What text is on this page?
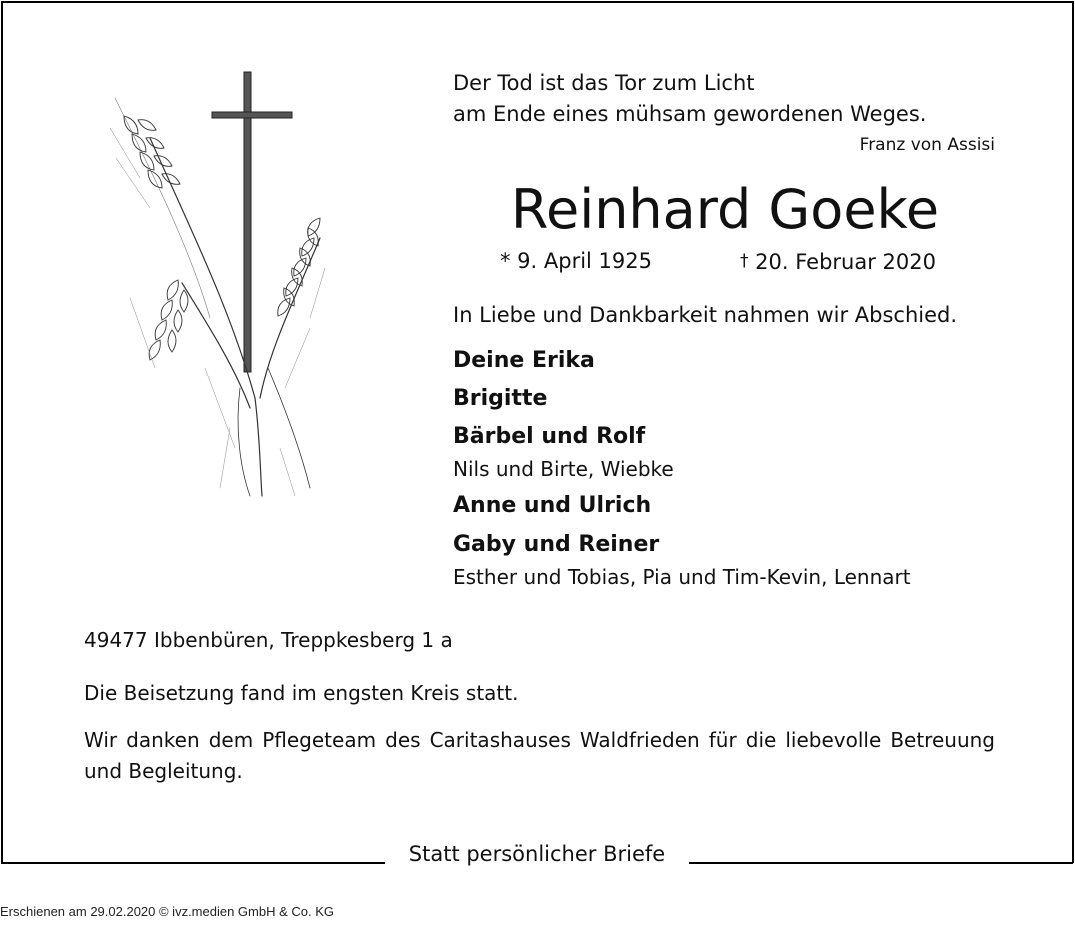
Statt persönlicher Briefe
Der Tod ist das Tor zum Licht
am Ende eines mühsam gewordenen Weges.
Franz von Assisi
Reinhard Goeke
* 9. April 1925	† 20. Februar 2020
In Liebe und Dankbarkeit nahmen wir Abschied.
Deine Erika
Brigitte
Bärbel und Rolf
Nils und Birte, Wiebke
Anne und Ulrich
Gaby und Reiner
Esther und Tobias, Pia und Tim-Kevin, Lennart
49477 Ibbenbüren, Treppkesberg 1 a
Die Beisetzung fand im engsten Kreis statt.
Wir danken dem Pflegeteam des Caritashauses Waldfrieden für die liebevolle Betreuung und Begleitung.
Erschienen am 29.02.2020 © ivz.medien GmbH & Co. KG
